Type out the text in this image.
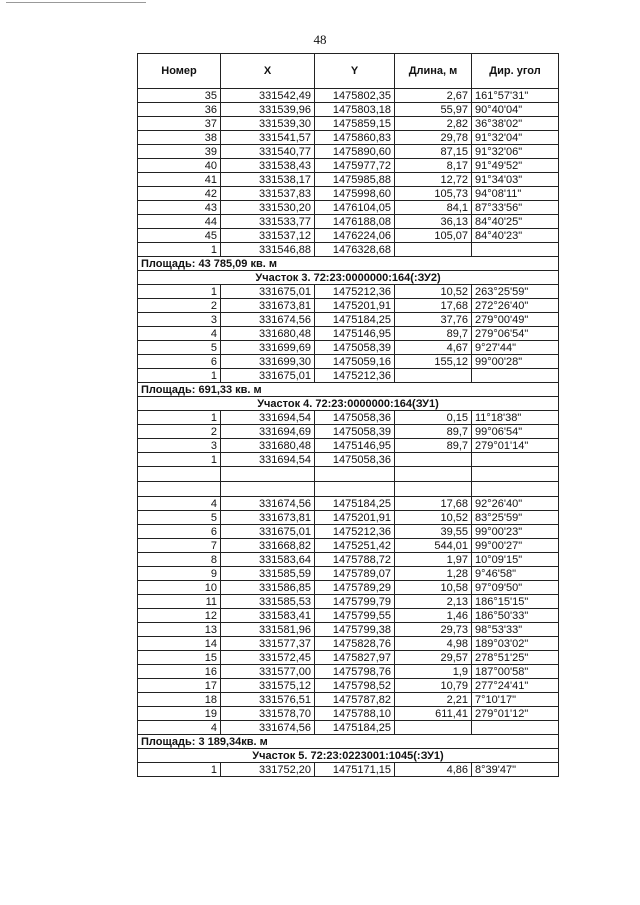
48
Номер	X	Y	Длина, м	Дир. угол
35	331542,49	1475802,35	2,67	161°57'31"
36	331539,96	1475803,18	55,97	90°40'04"
37	331539,30	1475859,15	2,82	36°38'02"
38	331541,57	1475860,83	29,78	91°32'04"
39	331540,77	1475890,60	87,15	91°32'06"
40	331538,43	1475977,72	8,17	91°49'52"
41	331538,17	1475985,88	12,72	91°34'03"
42	331537,83	1475998,60	105,73	94°08'11"
43	331530,20	1476104,05	84,1	87°33'56"
44	331533,77	1476188,08	36,13	84°40'25"
45	331537,12	1476224,06	105,07	84°40'23"
1	331546,88	1476328,68		
Площадь: 43 785,09 кв. м				
Участок 3. 72:23:0000000:164(:ЗУ2)				
1	331675,01	1475212,36	10,52	263°25'59"
2	331673,81	1475201,91	17,68	272°26'40"
3	331674,56	1475184,25	37,76	279°00'49"
4	331680,48	1475146,95	89,7	279°06'54"
5	331699,69	1475058,39	4,67	9°27'44"
6	331699,30	1475059,16	155,12	99°00'28"
1	331675,01	1475212,36		
Площадь: 691,33 кв. м				
Участок 4. 72:23:0000000:164(ЗУ1)				
1	331694,54	1475058,36	0,15	11°18'38"
2	331694,69	1475058,39	89,7	99°06'54"
3	331680,48	1475146,95	89,7	279°01'14"
1	331694,54	1475058,36		

4	331674,56	1475184,25	17,68	92°26'40"
5	331673,81	1475201,91	10,52	83°25'59"
6	331675,01	1475212,36	39,55	99°00'23"
7	331668,82	1475251,42	544,01	99°00'27"
8	331583,64	1475788,72	1,97	10°09'15"
9	331585,59	1475789,07	1,28	9°46'58"
10	331586,85	1475789,29	10,58	97°09'50"
11	331585,53	1475799,79	2,13	186°15'15"
12	331583,41	1475799,55	1,46	186°50'33"
13	331581,96	1475799,38	29,73	98°53'33"
14	331577,37	1475828,76	4,98	189°03'02"
15	331572,45	1475827,97	29,57	278°51'25"
16	331577,00	1475798,76	1,9	187°00'58"
17	331575,12	1475798,52	10,79	277°24'41"
18	331576,51	1475787,82	2,21	7°10'17"
19	331578,70	1475788,10	611,41	279°01'12"
4	331674,56	1475184,25		
Площадь: 3 189,34кв. м				
Участок 5. 72:23:0223001:1045(:ЗУ1)				
1	331752,20	1475171,15	4,86	8°39'47"
